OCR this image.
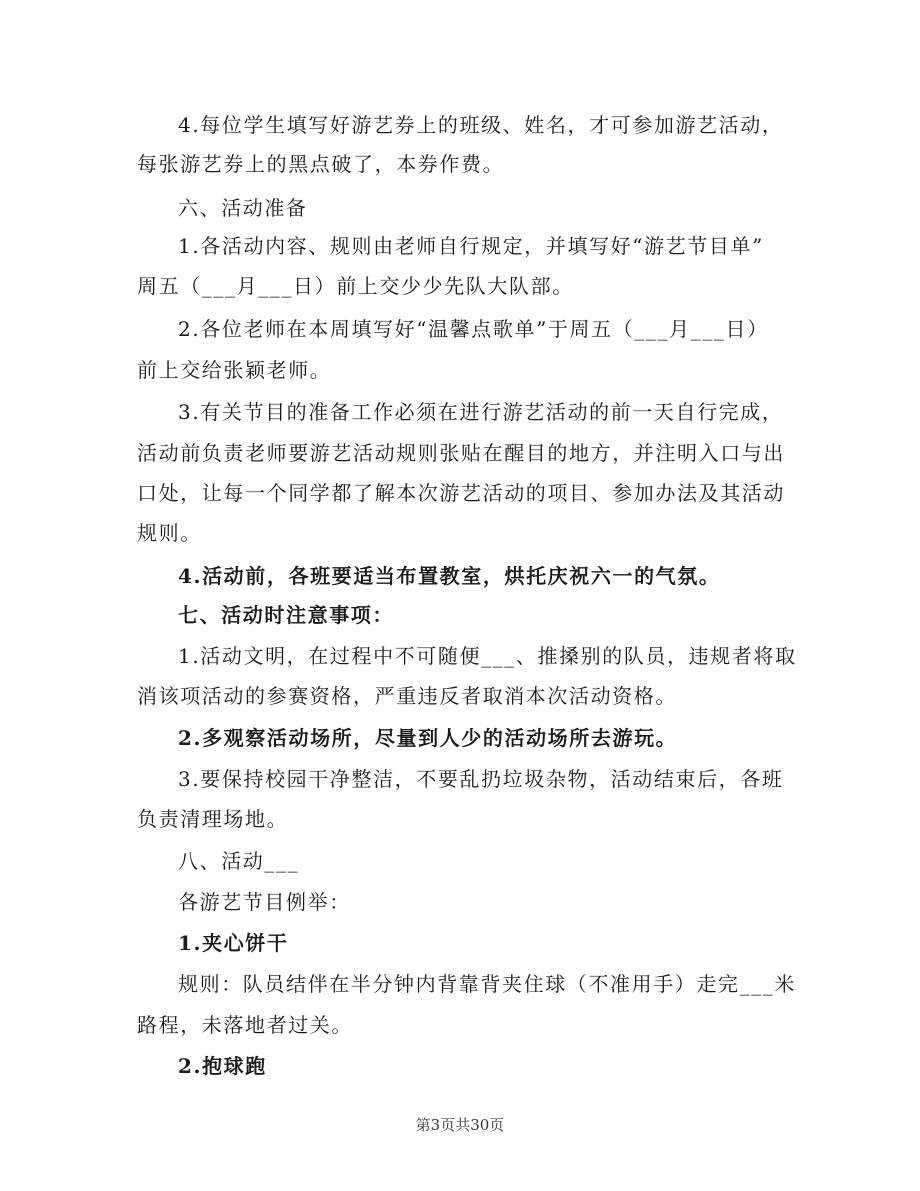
4.每位学生填写好游艺券上的班级、姓名，才可参加游艺活动，
每张游艺券上的黑点破了，本券作费。
六、活动准备
1.各活动内容、规则由老师自行规定，并填写好“游艺节目单”
周五（___月___日）前上交少少先队大队部。
2.各位老师在本周填写好“温馨点歌单”于周五（___月___日）
前上交给张颖老师。
3.有关节目的准备工作必须在进行游艺活动的前一天自行完成，
活动前负责老师要游艺活动规则张贴在醒目的地方，并注明入口与出
口处，让每一个同学都了解本次游艺活动的项目、参加办法及其活动
规则。
4.活动前，各班要适当布置教室，烘托庆祝六一的气氛。
七、活动时注意事项：
1.活动文明，在过程中不可随便___、推搡别的队员，违规者将取
消该项活动的参赛资格，严重违反者取消本次活动资格。
2.多观察活动场所，尽量到人少的活动场所去游玩。
3.要保持校园干净整洁，不要乱扔垃圾杂物，活动结束后，各班
负责清理场地。
八、活动___
各游艺节目例举：
1.夹心饼干
规则：队员结伴在半分钟内背靠背夹住球（不准用手）走完___米
路程，未落地者过关。
2.抱球跑
第3页共30页
